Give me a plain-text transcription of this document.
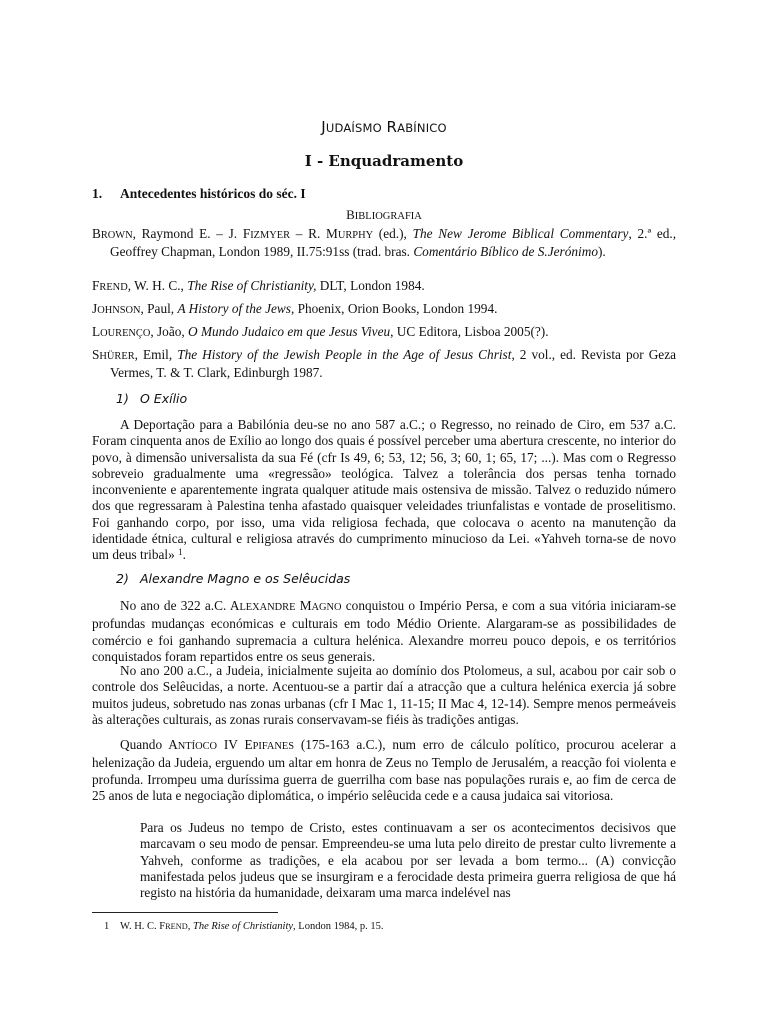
JUDAÍSMO RABÍNICO
I - Enquadramento
1. Antecedentes históricos do séc. I
BIBLIOGRAFIA
BROWN, Raymond E. – J. FIZMYER – R. MURPHY (ed.), The New Jerome Biblical Commentary, 2.ª ed., Geoffrey Chapman, London 1989, II.75:91ss (trad. bras. Comentário Bíblico de S.Jerónimo).
FREND, W. H. C., The Rise of Christianity, DLT, London 1984.
JOHNSON, Paul, A History of the Jews, Phoenix, Orion Books, London 1994.
LOURENÇO, João, O Mundo Judaico em que Jesus Viveu, UC Editora, Lisboa 2005(?).
SHÜRER, Emil, The History of the Jewish People in the Age of Jesus Christ, 2 vol., ed. Revista por Geza Vermes, T. & T. Clark, Edinburgh 1987.
1) O Exílio
A Deportação para a Babilónia deu-se no ano 587 a.C.; o Regresso, no reinado de Ciro, em 537 a.C. Foram cinquenta anos de Exílio ao longo dos quais é possível perceber uma abertura crescente, no interior do povo, à dimensão universalista da sua Fé (cfr Is 49, 6; 53, 12; 56, 3; 60, 1; 65, 17; ...). Mas com o Regresso sobreveio gradualmente uma «regressão» teológica. Talvez a tolerância dos persas tenha tornado inconveniente e aparentemente ingrata qualquer atitude mais ostensiva de missão. Talvez o reduzido número dos que regressaram à Palestina tenha afastado quaisquer veleidades triunfalistas e vontade de proselitismo. Foi ganhando corpo, por isso, uma vida religiosa fechada, que colocava o acento na manutenção da identidade étnica, cultural e religiosa através do cumprimento minucioso da Lei. «Yahveh torna-se de novo um deus tribal» $^1$.
2) Alexandre Magno e os Selêucidas
No ano de 322 a.C. ALEXANDRE MAGNO conquistou o Império Persa, e com a sua vitória iniciaram-se profundas mudanças económicas e culturais em todo Médio Oriente. Alargaram-se as possibilidades de comércio e foi ganhando supremacia a cultura helénica. Alexandre morreu pouco depois, e os territórios conquistados foram repartidos entre os seus generais.
No ano 200 a.C., a Judeia, inicialmente sujeita ao domínio dos Ptolomeus, a sul, acabou por cair sob o controle dos Selêucidas, a norte. Acentuou-se a partir daí a atracção que a cultura helénica exercia já sobre muitos judeus, sobretudo nas zonas urbanas (cfr I Mac 1, 11-15; II Mac 4, 12-14). Sempre menos permeáveis às alterações culturais, as zonas rurais conservavam-se fiéis às tradições antigas.
Quando ANTÍOCO IV EPIFANES (175-163 a.C.), num erro de cálculo político, procurou acelerar a helenização da Judeia, erguendo um altar em honra de Zeus no Templo de Jerusalém, a reacção foi violenta e profunda. Irrompeu uma duríssima guerra de guerrilha com base nas populações rurais e, ao fim de cerca de 25 anos de luta e negociação diplomática, o império selêucida cede e a causa judaica sai vitoriosa.
Para os Judeus no tempo de Cristo, estes continuavam a ser os acontecimentos decisivos que marcavam o seu modo de pensar. Empreendeu-se uma luta pelo direito de prestar culto livremente a Yahveh, conforme as tradições, e ela acabou por ser levada a bom termo... (A) convicção manifestada pelos judeus que se insurgiram e a ferocidade desta primeira guerra religiosa de que há registo na história da humanidade, deixaram uma marca indelével nas
1 W. H. C. FREND, The Rise of Christianity, London 1984, p. 15.
